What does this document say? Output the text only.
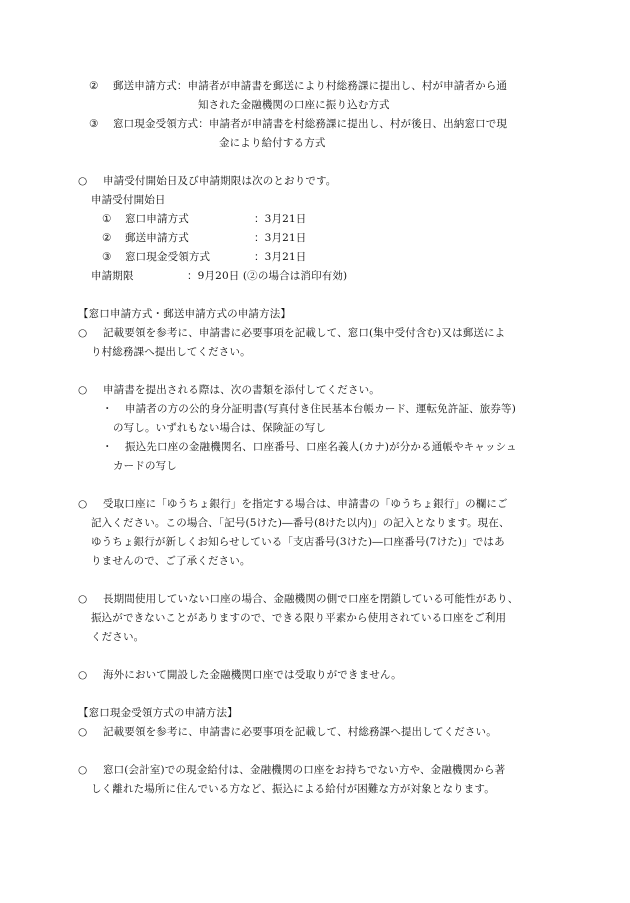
② 郵送申請方式：申請者が申請書を郵送により村総務課に提出し、村が申請者から通
知された金融機関の口座に振り込む方式
③ 窓口現金受領方式：申請者が申請書を村総務課に提出し、村が後日、出納窓口で現
金により給付する方式
○ 申請受付開始日及び申請期限は次のとおりです。
申請受付開始日
① 窓口申請方式	：3月21日
② 郵送申請方式	：3月21日
③ 窓口現金受領方式	：3月21日
申請期限	：9月20日 (②の場合は消印有効)
【窓口申請方式・郵送申請方式の申請方法】
○ 記載要領を参考に、申請書に必要事項を記載して、窓口(集中受付含む)又は郵送によ
り村総務課へ提出してください。
○ 申請書を提出される際は、次の書類を添付してください。
・ 申請者の方の公的身分証明書(写真付き住民基本台帳カード、運転免許証、旅券等)
の写し。いずれもない場合は、保険証の写し
・ 振込先口座の金融機関名、口座番号、口座名義人(カナ)が分かる通帳やキャッシュ
カードの写し
○ 受取口座に「ゆうちょ銀行」を指定する場合は、申請書の「ゆうちょ銀行」の欄にご
記入ください。この場合、「記号(5けた)―番号(8けた以内)」の記入となります。現在、
ゆうちょ銀行が新しくお知らせしている「支店番号(3けた)―口座番号(7けた)」ではあ
りませんので、ご了承ください。
○ 長期間使用していない口座の場合、金融機関の側で口座を閉鎖している可能性があり、
振込ができないことがありますので、できる限り平素から使用されている口座をご利用
ください。
○ 海外において開設した金融機関口座では受取りができません。
【窓口現金受領方式の申請方法】
○ 記載要領を参考に、申請書に必要事項を記載して、村総務課へ提出してください。
○ 窓口(会計室)での現金給付は、金融機関の口座をお持ちでない方や、金融機関から著
しく離れた場所に住んでいる方など、振込による給付が困難な方が対象となります。
